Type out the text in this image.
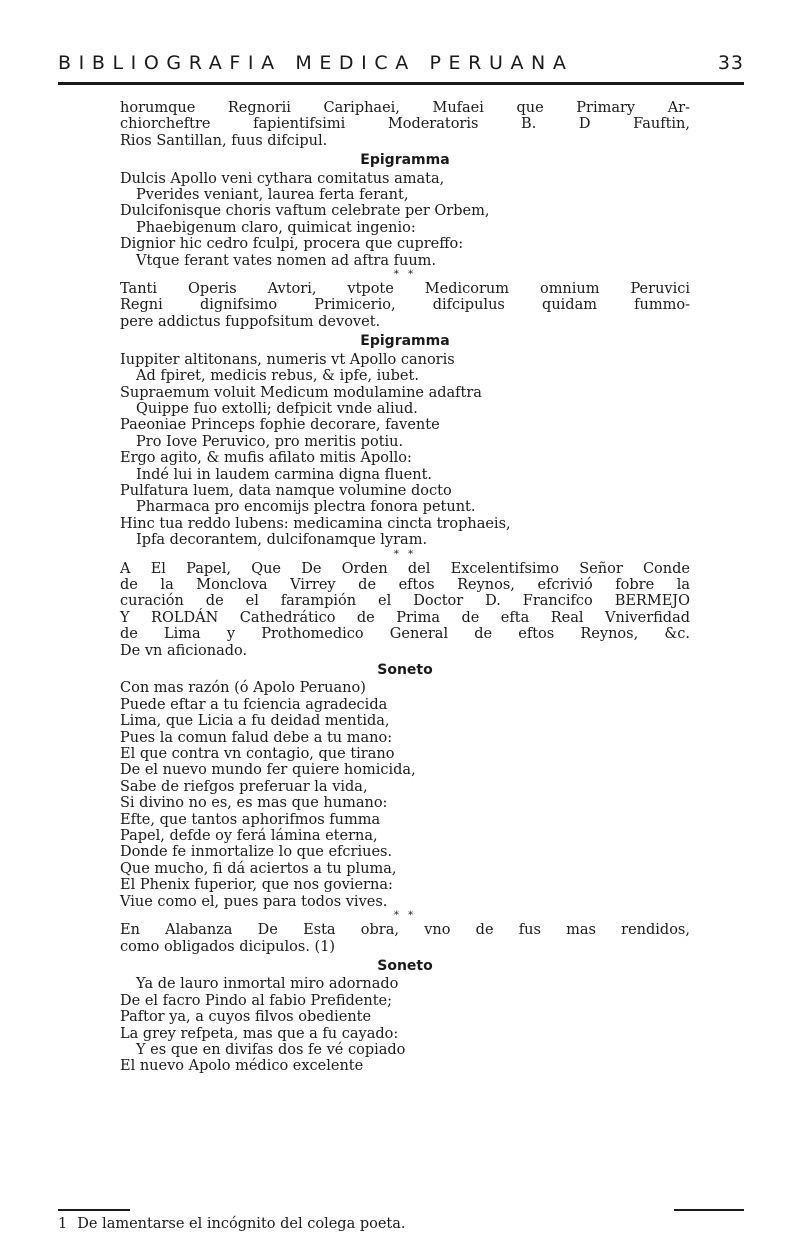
BIBLIOGRAFIA MEDICA PERUANA	33
horumque Regnorii Cariphaei, Mufaei que Primary Ar-
chiorcheftre fapientifsimi Moderatoris B. D Fauftin,
Rios Santillan, fuus difcipul.
Epigramma
Dulcis Apollo veni cythara comitatus amata,
Pverides veniant, laurea ferta ferant,
Dulcifonisque choris vaftum celebrate per Orbem,
Phaebigenum claro, quimicat ingenio:
Dignior hic cedro fculpi, procera que cupreffo:
Vtque ferant vates nomen ad aftra fuum.
* *
Tanti Operis Avtori, vtpote Medicorum omnium Peruvici
Regni dignifsimo Primicerio, difcipulus quidam fummo-
pere addictus fuppofsitum devovet.
Epigramma
Iuppiter altitonans, numeris vt Apollo canoris
Ad fpiret, medicis rebus, & ipfe, iubet.
Supraemum voluit Medicum modulamine adaftra
Quippe fuo extolli; defpicit vnde aliud.
Paeoniae Princeps fophie decorare, favente
Pro Iove Peruvico, pro meritis potiu.
Ergo agito, & mufis afilato mitis Apollo:
Indé lui in laudem carmina digna fluent.
Pulfatura luem, data namque volumine docto
Pharmaca pro encomijs plectra fonora petunt.
Hinc tua reddo lubens: medicamina cincta trophaeis,
Ipfa decorantem, dulcifonamque lyram.
* *
A El Papel, Que De Orden del Excelentifsimo Señor Conde
de la Monclova Virrey de eftos Reynos, efcrivió fobre la
curación de el farampión el Doctor D. Francifco BERMEJO
Y ROLDÁN Cathedrático de Prima de efta Real Vniverfidad
de Lima y Prothomedico General de eftos Reynos, &c.
De vn aficionado.
Soneto
Con mas razón (ó Apolo Peruano)
Puede eftar a tu fciencia agradecida
Lima, que Licia a fu deidad mentida,
Pues la comun falud debe a tu mano:
El que contra vn contagio, que tirano
De el nuevo mundo fer quiere homicida,
Sabe de riefgos preferuar la vida,
Si divino no es, es mas que humano:
Efte, que tantos aphorifmos fumma
Papel, defde oy ferá lámina eterna,
Donde fe inmortalize lo que efcriues.
Que mucho, fi dá aciertos a tu pluma,
El Phenix fuperior, que nos govierna:
Viue como el, pues para todos vives.
* *
En Alabanza De Esta obra, vno de fus mas rendidos,
como obligados dicipulos. (1)
Soneto
Ya de lauro inmortal miro adornado
De el facro Pindo al fabio Prefidente;
Paftor ya, a cuyos filvos obediente
La grey refpeta, mas que a fu cayado:
Y es que en divifas dos fe vé copiado
El nuevo Apolo médico excelente
1 De lamentarse el incógnito del colega poeta.
